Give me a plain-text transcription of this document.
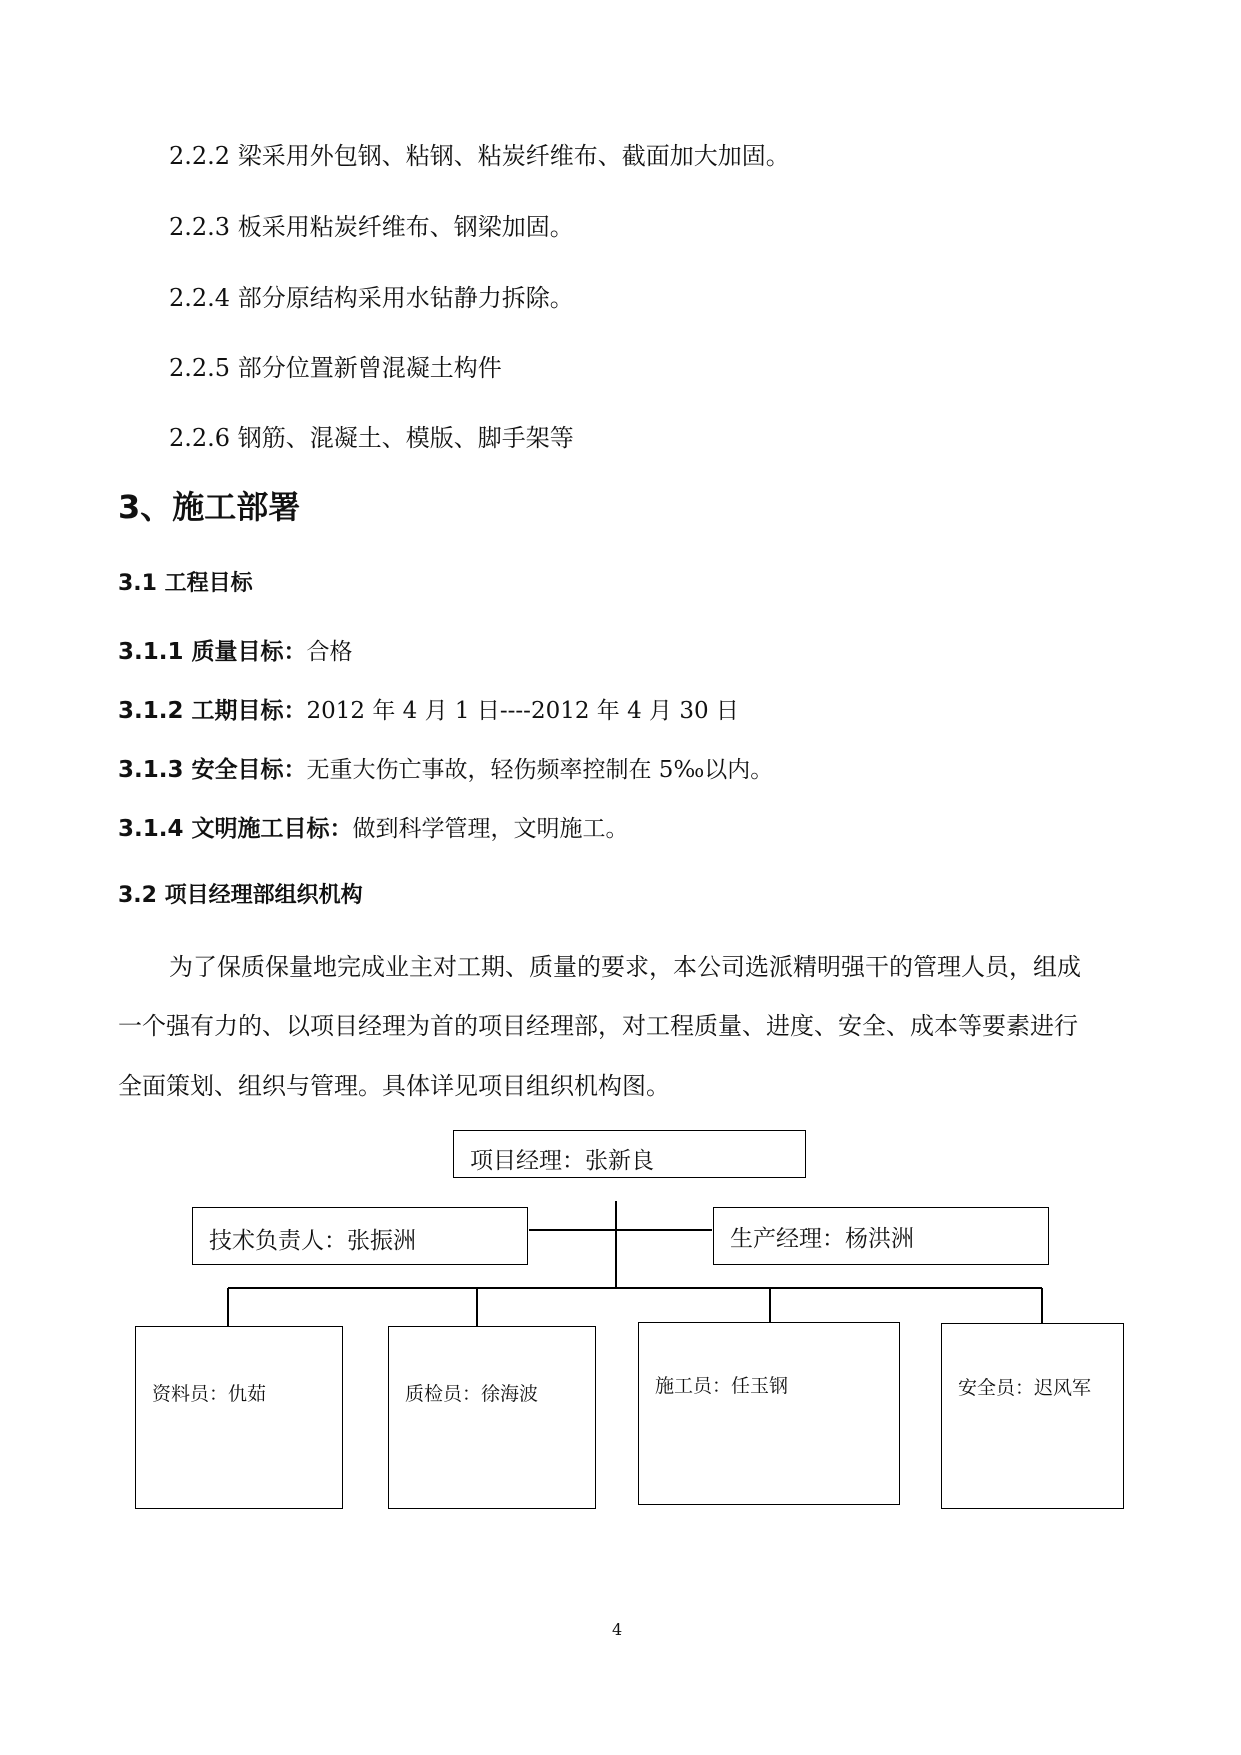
2.2.2 梁采用外包钢、粘钢、粘炭纤维布、截面加大加固。
2.2.3 板采用粘炭纤维布、钢梁加固。
2.2.4 部分原结构采用水钻静力拆除。
2.2.5 部分位置新曾混凝土构件
2.2.6 钢筋、混凝土、模版、脚手架等
3、施工部署
3.1 工程目标
3.1.1 质量目标：合格
3.1.2 工期目标：2012 年 4 月 1 日----2012 年 4 月 30 日
3.1.3 安全目标：无重大伤亡事故，轻伤频率控制在 5‰以内。
3.1.4 文明施工目标：做到科学管理，文明施工。
3.2 项目经理部组织机构
为了保质保量地完成业主对工期、质量的要求，本公司选派精明强干的管理人员，组成
一个强有力的、以项目经理为首的项目经理部，对工程质量、进度、安全、成本等要素进行
全面策划、组织与管理。具体详见项目组织机构图。
项目经理：张新良
技术负责人：张振洲	生产经理：杨洪洲
资料员：仇茹	质检员：徐海波	施工员：任玉钢	安全员：迟风军
4
